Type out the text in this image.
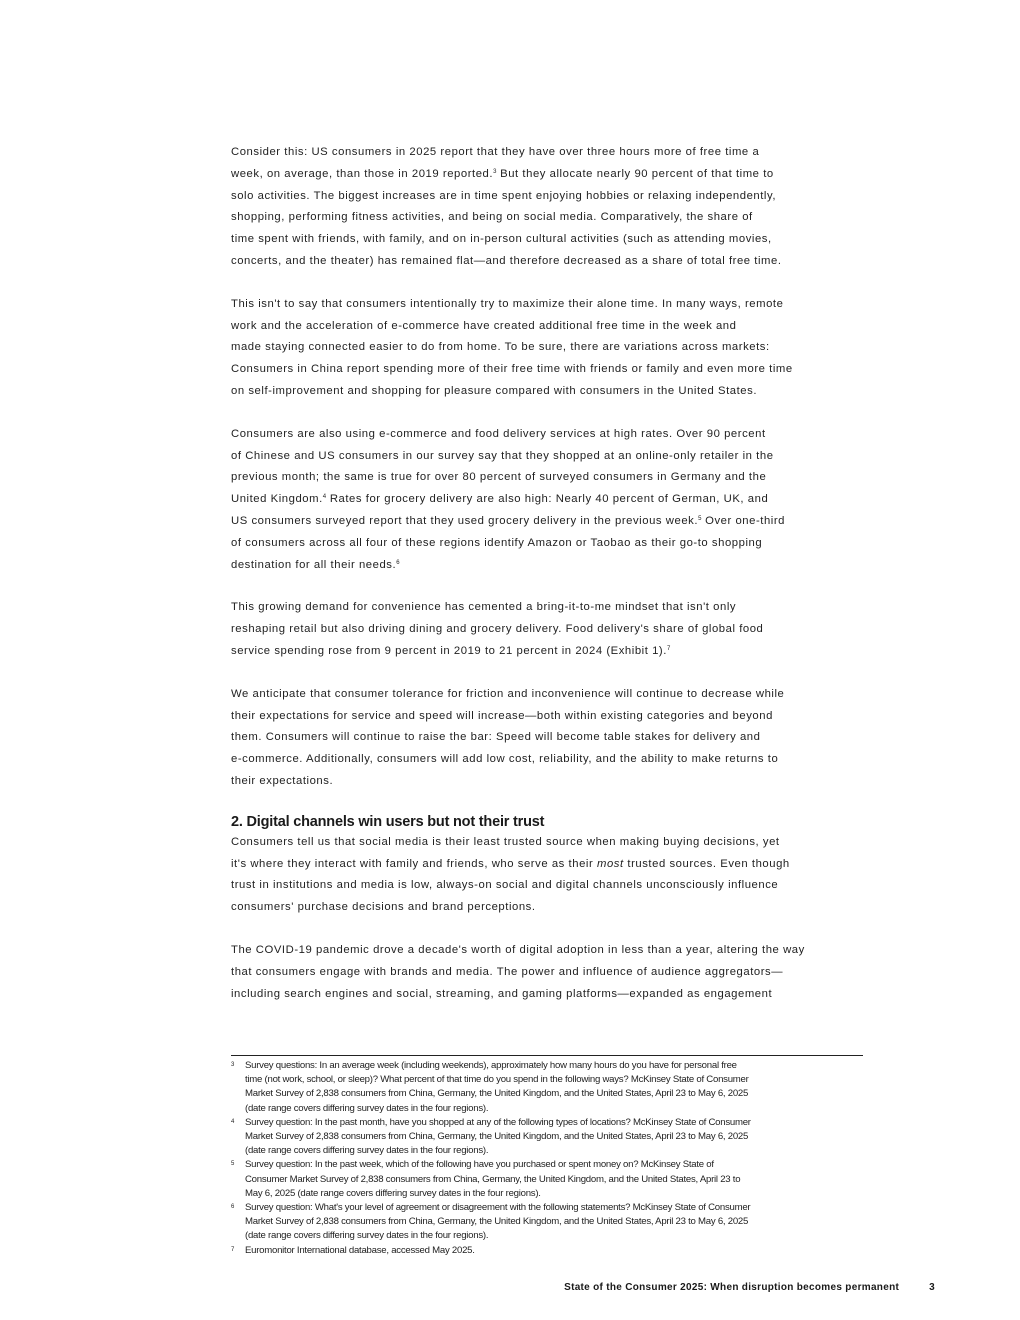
Consider this: US consumers in 2025 report that they have over three hours more of free time a

week, on average, than those in 2019 reported.$^3$ But they allocate nearly 90 percent of that time to

solo activities. The biggest increases are in time spent enjoying hobbies or relaxing independently,

shopping, performing fitness activities, and being on social media. Comparatively, the share of

time spent with friends, with family, and on in-person cultural activities (such as attending movies,

concerts, and the theater) has remained flat—and therefore decreased as a share of total free time.

This isn't to say that consumers intentionally try to maximize their alone time. In many ways, remote

work and the acceleration of e-commerce have created additional free time in the week and

made staying connected easier to do from home. To be sure, there are variations across markets:

Consumers in China report spending more of their free time with friends or family and even more time

on self-improvement and shopping for pleasure compared with consumers in the United States.

Consumers are also using e-commerce and food delivery services at high rates. Over 90 percent

of Chinese and US consumers in our survey say that they shopped at an online-only retailer in the

previous month; the same is true for over 80 percent of surveyed consumers in Germany and the

United Kingdom.$^4$ Rates for grocery delivery are also high: Nearly 40 percent of German, UK, and

US consumers surveyed report that they used grocery delivery in the previous week.$^5$ Over one-third

of consumers across all four of these regions identify Amazon or Taobao as their go-to shopping

destination for all their needs.$^6$

This growing demand for convenience has cemented a bring-it-to-me mindset that isn't only

reshaping retail but also driving dining and grocery delivery. Food delivery's share of global food

service spending rose from 9 percent in 2019 to 21 percent in 2024 (Exhibit 1).$^7$

We anticipate that consumer tolerance for friction and inconvenience will continue to decrease while

their expectations for service and speed will increase—both within existing categories and beyond

them. Consumers will continue to raise the bar: Speed will become table stakes for delivery and

e-commerce. Additionally, consumers will add low cost, reliability, and the ability to make returns to

their expectations.

2. Digital channels win users but not their trust

Consumers tell us that social media is their least trusted source when making buying decisions, yet

it's where they interact with family and friends, who serve as their most trusted sources. Even though

trust in institutions and media is low, always-on social and digital channels unconsciously influence

consumers' purchase decisions and brand perceptions.

The COVID-19 pandemic drove a decade's worth of digital adoption in less than a year, altering the way

that consumers engage with brands and media. The power and influence of audience aggregators—

including search engines and social, streaming, and gaming platforms—expanded as engagement

3	Survey questions: In an average week (including weekends), approximately how many hours do you have for personal free
time (not work, school, or sleep)? What percent of that time do you spend in the following ways? McKinsey State of Consumer
Market Survey of 2,838 consumers from China, Germany, the United Kingdom, and the United States, April 23 to May 6, 2025
(date range covers differing survey dates in the four regions).
4	Survey question: In the past month, have you shopped at any of the following types of locations? McKinsey State of Consumer
Market Survey of 2,838 consumers from China, Germany, the United Kingdom, and the United States, April 23 to May 6, 2025
(date range covers differing survey dates in the four regions).
5	Survey question: In the past week, which of the following have you purchased or spent money on? McKinsey State of
Consumer Market Survey of 2,838 consumers from China, Germany, the United Kingdom, and the United States, April 23 to
May 6, 2025 (date range covers differing survey dates in the four regions).
6	Survey question: What's your level of agreement or disagreement with the following statements? McKinsey State of Consumer
Market Survey of 2,838 consumers from China, Germany, the United Kingdom, and the United States, April 23 to May 6, 2025
(date range covers differing survey dates in the four regions).
7	Euromonitor International database, accessed May 2025.
State of the Consumer 2025: When disruption becomes permanent	3
